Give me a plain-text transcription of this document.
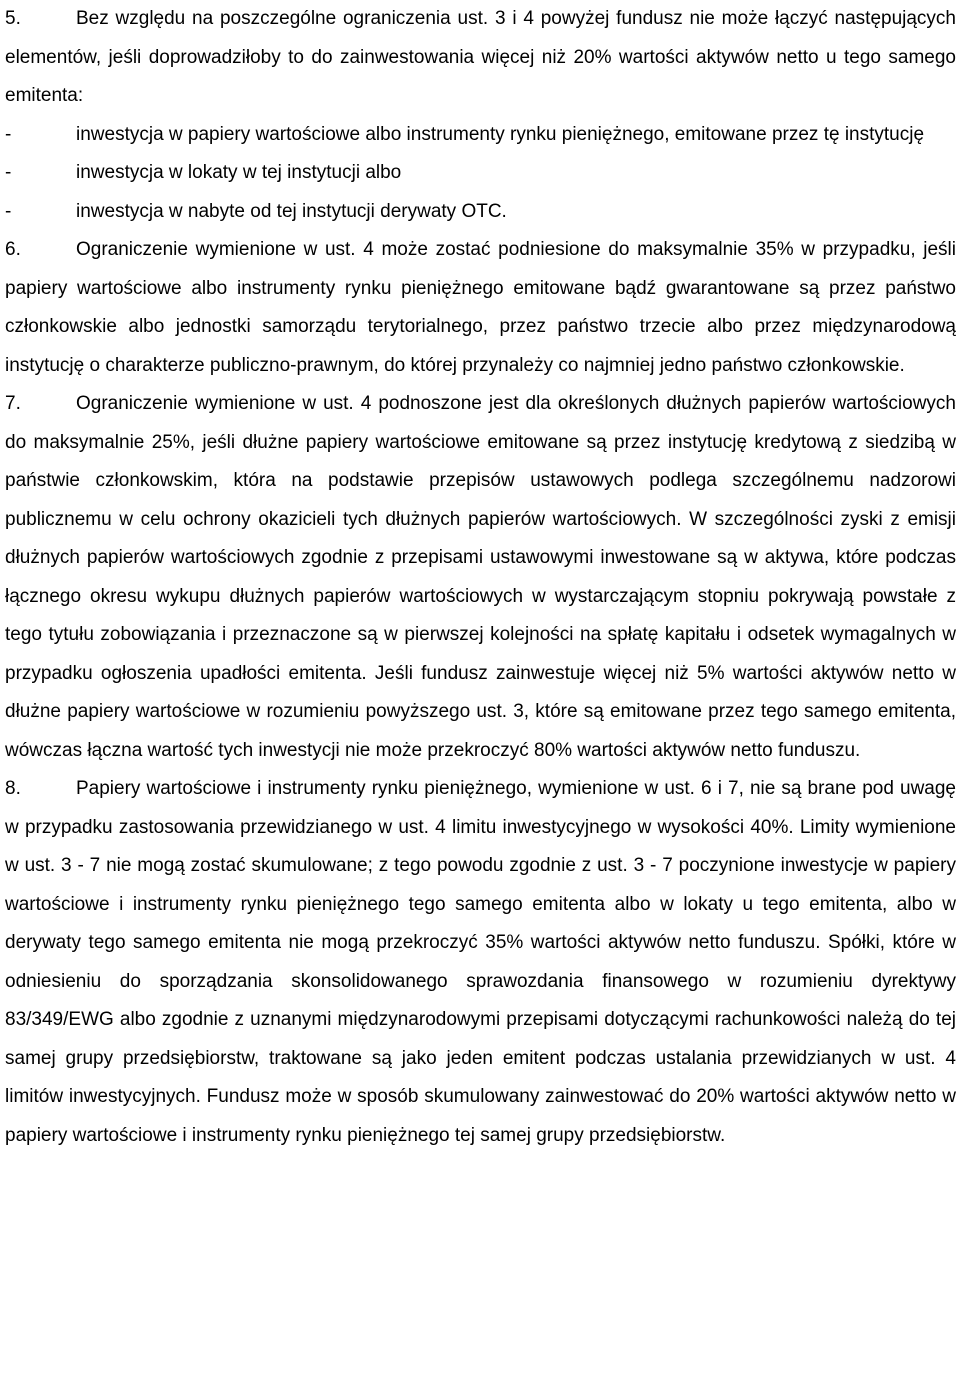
5.	Bez względu na poszczególne ograniczenia ust. 3 i 4 powyżej fundusz nie może łączyć następujących elementów, jeśli doprowadziłoby to do zainwestowania więcej niż 20% wartości aktywów netto u tego samego emitenta:

-	inwestycja w papiery wartościowe albo instrumenty rynku pieniężnego, emitowane przez tę instytucję
-	inwestycja w lokaty w tej instytucji albo
-	inwestycja w nabyte od tej instytucji derywaty OTC.

6.	Ograniczenie wymienione w ust. 4 może zostać podniesione do maksymalnie 35% w przypadku, jeśli papiery wartościowe albo instrumenty rynku pieniężnego emitowane bądź gwarantowane są przez państwo członkowskie albo jednostki samorządu terytorialnego, przez państwo trzecie albo przez międzynarodową instytucję o charakterze publiczno-prawnym, do której przynależy co najmniej jedno państwo członkowskie.

7.	Ograniczenie wymienione w ust. 4 podnoszone jest dla określonych dłużnych papierów wartościowych do maksymalnie 25%, jeśli dłużne papiery wartościowe emitowane są przez instytucję kredytową z siedzibą w państwie członkowskim, która na podstawie przepisów ustawowych podlega szczególnemu nadzorowi publicznemu w celu ochrony okazicieli tych dłużnych papierów wartościowych. W szczególności zyski z emisji dłużnych papierów wartościowych zgodnie z przepisami ustawowymi inwestowane są w aktywa, które podczas łącznego okresu wykupu dłużnych papierów wartościowych w wystarczającym stopniu pokrywają powstałe z tego tytułu zobowiązania i przeznaczone są w pierwszej kolejności na spłatę kapitału i odsetek wymagalnych w przypadku ogłoszenia upadłości emitenta. Jeśli fundusz zainwestuje więcej niż 5% wartości aktywów netto w dłużne papiery wartościowe w rozumieniu powyższego ust. 3, które są emitowane przez tego samego emitenta, wówczas łączna wartość tych inwestycji nie może przekroczyć 80% wartości aktywów netto funduszu.

8.	Papiery wartościowe i instrumenty rynku pieniężnego, wymienione w ust. 6 i 7, nie są brane pod uwagę w przypadku zastosowania przewidzianego w ust. 4 limitu inwestycyjnego w wysokości 40%. Limity wymienione w ust. 3 - 7 nie mogą zostać skumulowane; z tego powodu zgodnie z ust. 3 - 7 poczynione inwestycje w papiery wartościowe i instrumenty rynku pieniężnego tego samego emitenta albo w lokaty u tego emitenta, albo w derywaty tego samego emitenta nie mogą przekroczyć 35% wartości aktywów netto funduszu. Spółki, które w odniesieniu do sporządzania skonsolidowanego sprawozdania finansowego w rozumieniu dyrektywy 83/349/EWG albo zgodnie z uznanymi międzynarodowymi przepisami dotyczącymi rachunkowości należą do tej samej grupy przedsiębiorstw, traktowane są jako jeden emitent podczas ustalania przewidzianych w ust. 4 limitów inwestycyjnych. Fundusz może w sposób skumulowany zainwestować do 20% wartości aktywów netto w papiery wartościowe i instrumenty rynku pieniężnego tej samej grupy przedsiębiorstw.
